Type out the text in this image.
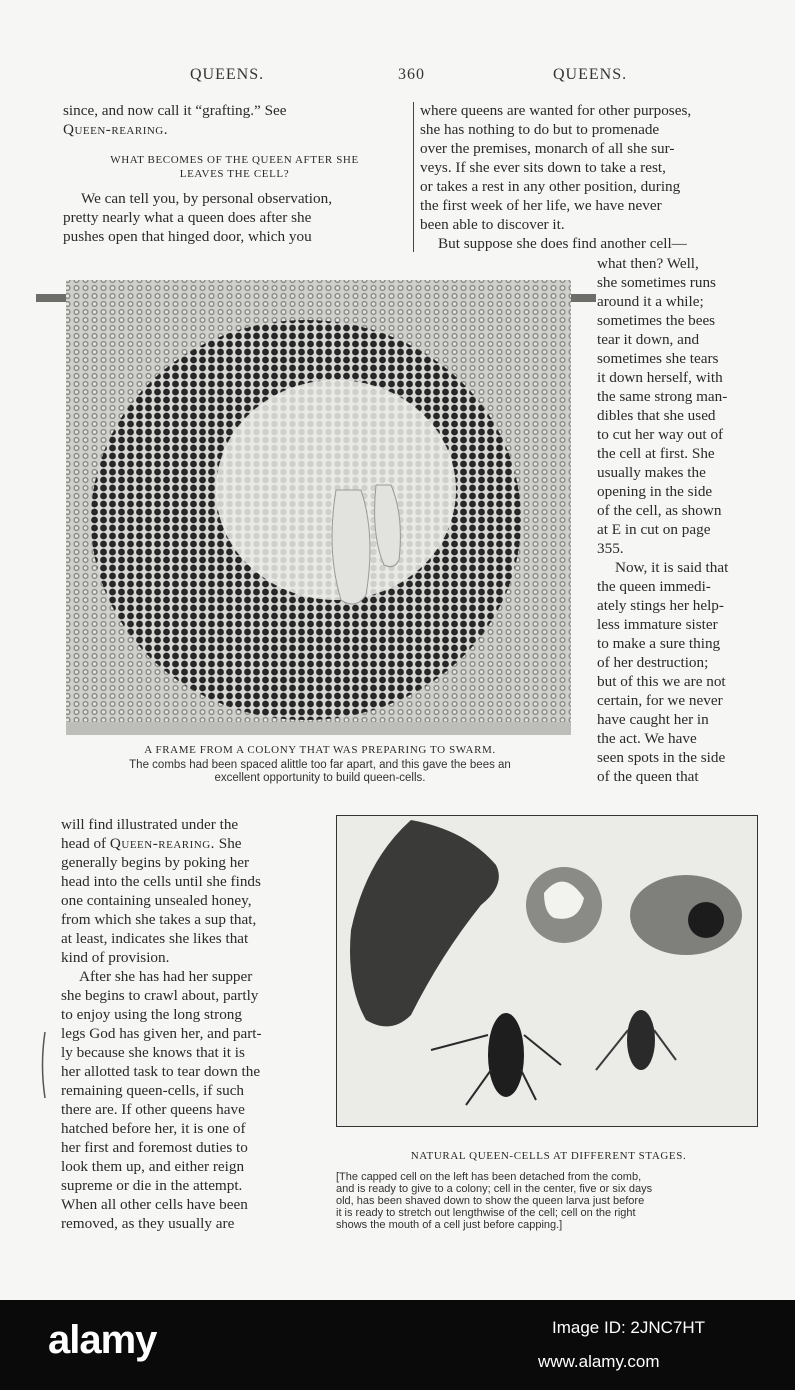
QUEENS.	360	QUEENS.

since, and now call it “grafting.” See

Queen-rearing.

WHAT BECOMES OF THE QUEEN AFTER SHE
LEAVES THE CELL?

We can tell you, by personal observation,

pretty nearly what a queen does after she

pushes open that hinged door, which you

where queens are wanted for other purposes,

she has nothing to do but to promenade

over the premises, monarch of all she sur-

veys. If she ever sits down to take a rest,

or takes a rest in any other position, during

the first week of her life, we have never

been able to discover it.

But suppose she does find another cell—

A FRAME FROM A COLONY THAT WAS PREPARING TO SWARM.
The combs had been spaced alittle too far apart, and this gave the bees an
excellent opportunity to build queen-cells.

what then? Well,

she sometimes runs

around it a while;

sometimes the bees

tear it down, and

sometimes she tears

it down herself, with

the same strong man-

dibles that she used

to cut her way out of

the cell at first. She

usually makes the

opening in the side

of the cell, as shown

at E in cut on page

355.

Now, it is said that

the queen immedi-

ately stings her help-

less immature sister

to make a sure thing

of her destruction;

but of this we are not

certain, for we never

have caught her in

the act. We have

seen spots in the side

of the queen that

will find illustrated under the

head of Queen-rearing. She

generally begins by poking her

head into the cells until she finds

one containing unsealed honey,

from which she takes a sup that,

at least, indicates she likes that

kind of provision.

After she has had her supper

she begins to crawl about, partly

to enjoy using the long strong

legs God has given her, and part-

ly because she knows that it is

her allotted task to tear down the

remaining queen-cells, if such

there are. If other queens have

hatched before her, it is one of

her first and foremost duties to

look them up, and either reign

supreme or die in the attempt.

When all other cells have been

removed, as they usually are

NATURAL QUEEN-CELLS AT DIFFERENT STAGES.
[The capped cell on the left has been detached from the comb,
and is ready to give to a colony; cell in the center, five or six days
old, has been shaved down to show the queen larva just before
it is ready to stretch out lengthwise of the cell; cell on the right
shows the mouth of a cell just before capping.]
alamy	Image ID: 2JNC7HT
www.alamy.com
